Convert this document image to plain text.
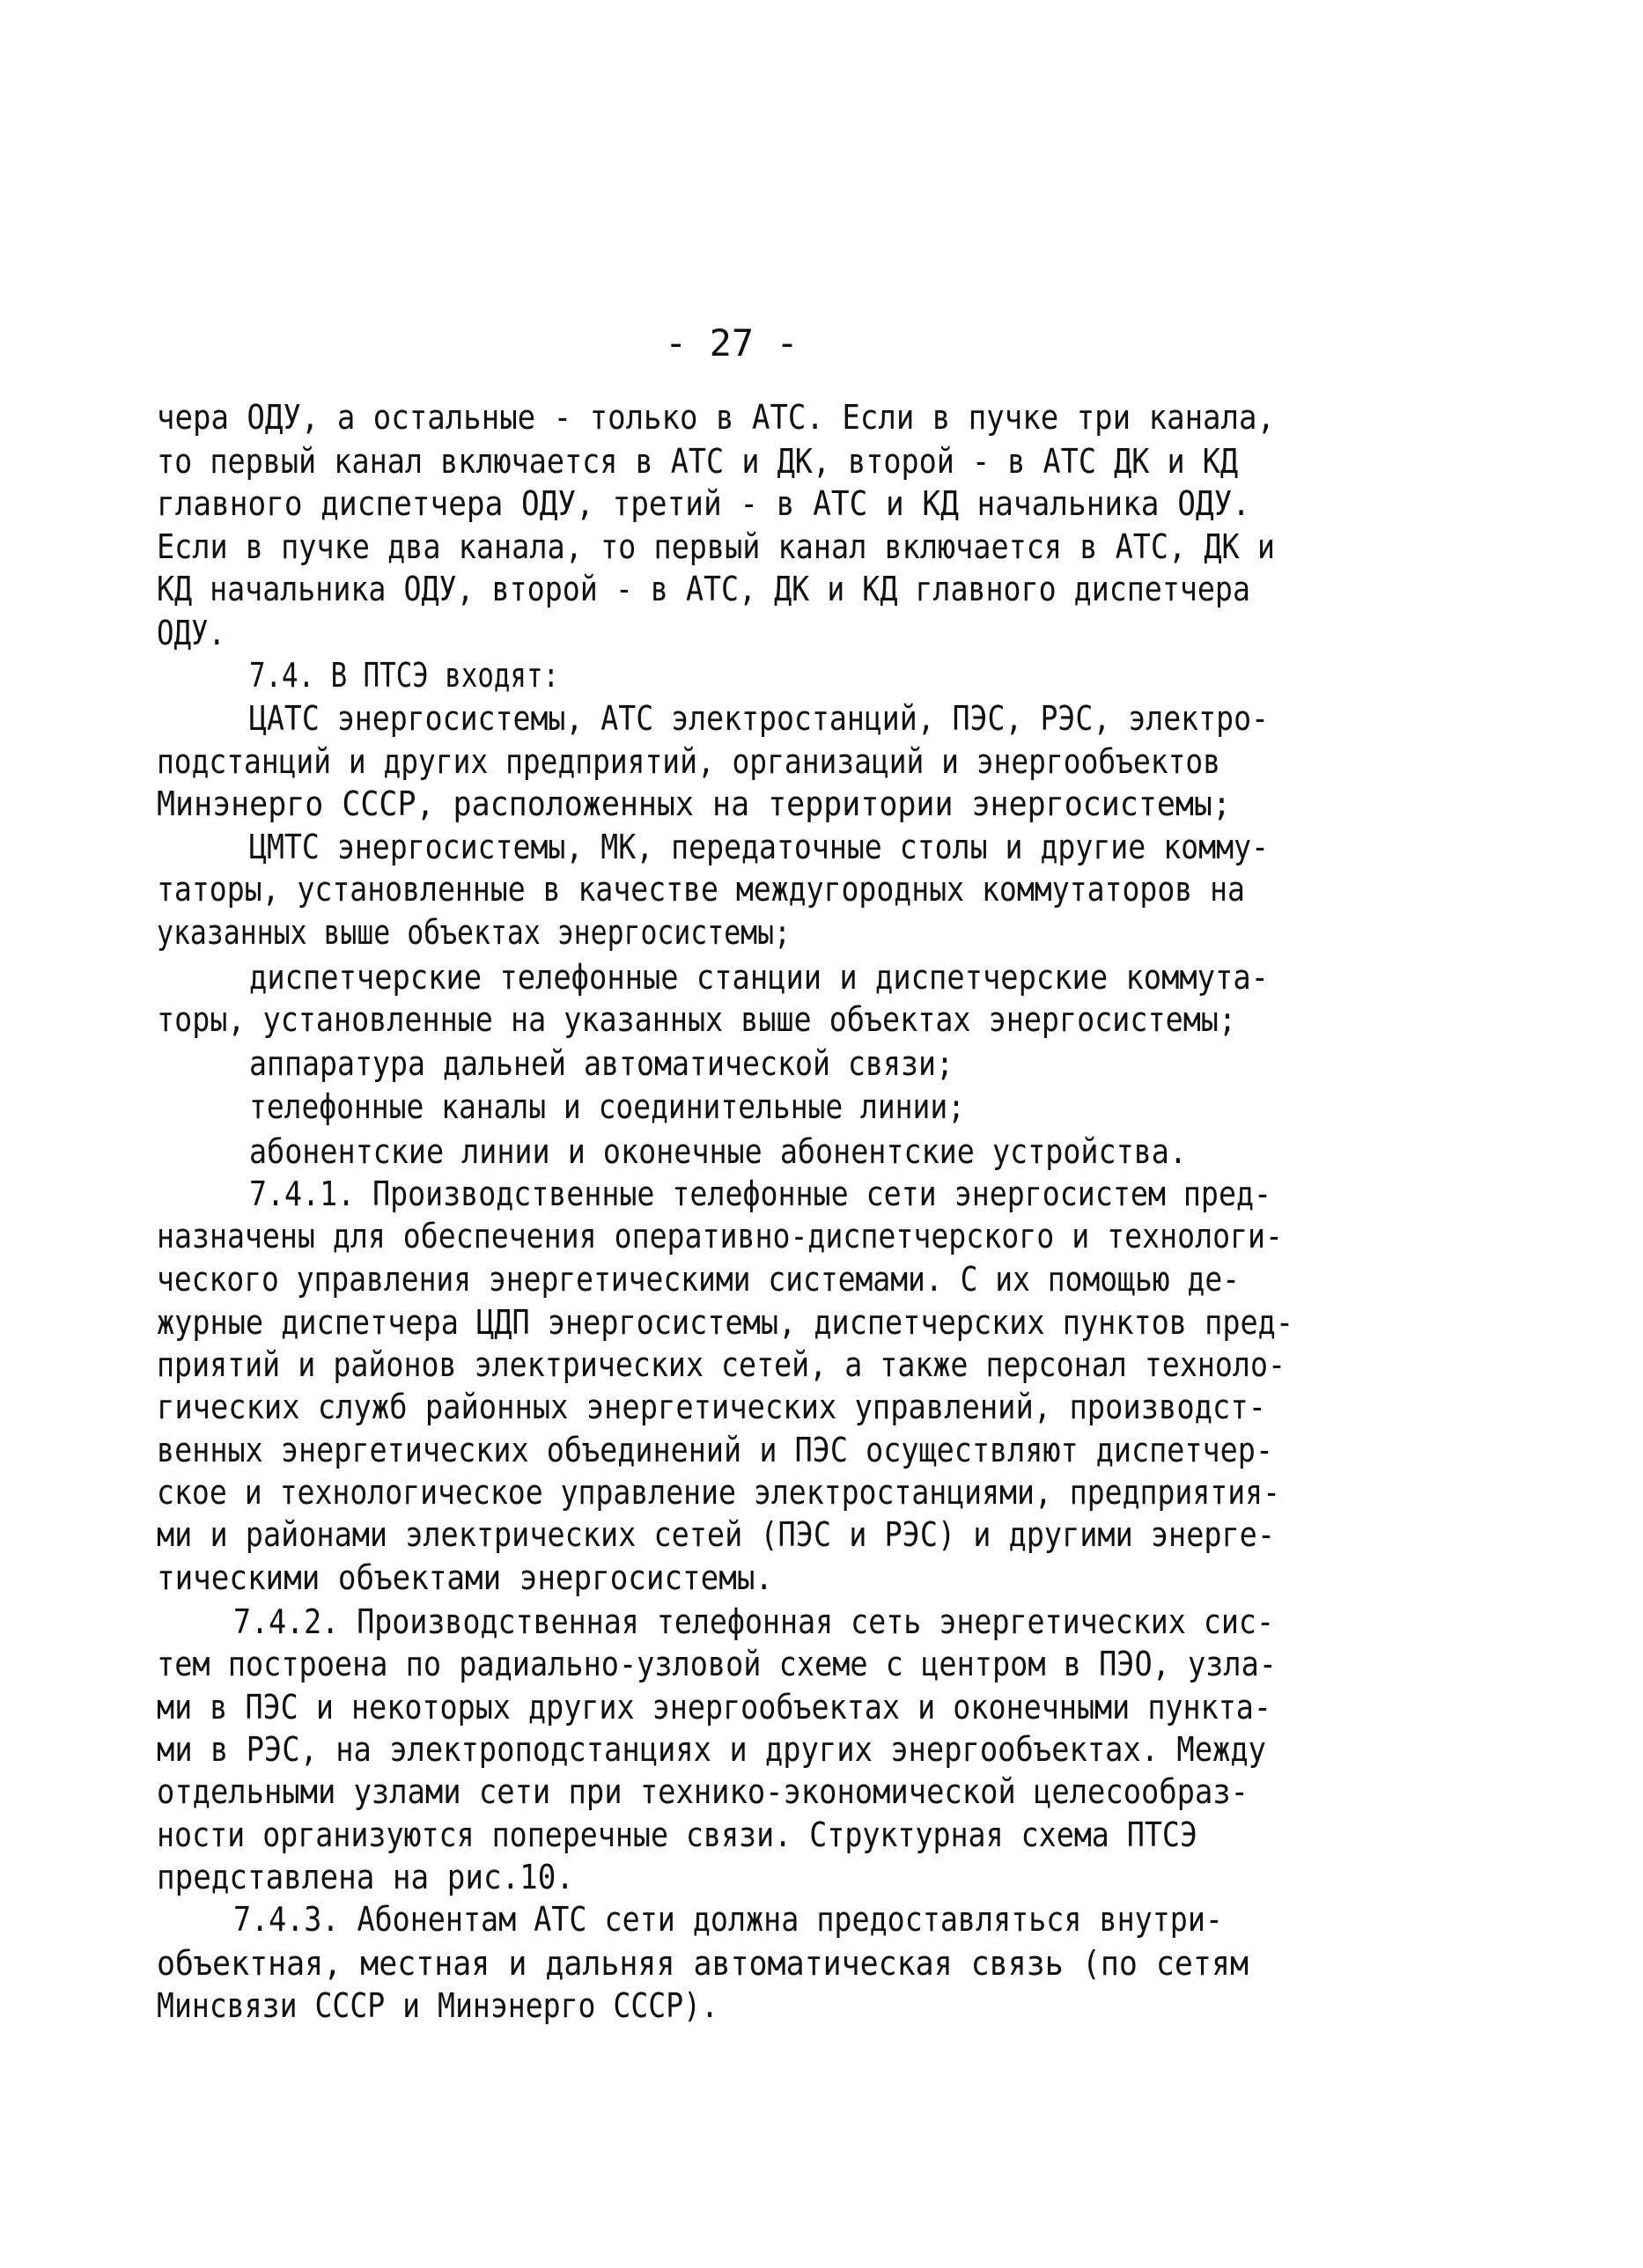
- 27 -
чера ОДУ, а остальные - только в АТС. Если в пучке три канала,
то первый канал включается в АТС и ДК, второй - в АТС ДК и КД
главного диспетчера ОДУ, третий - в АТС и КД начальника ОДУ.
Если в пучке два канала, то первый канал включается в АТС, ДК и
КД начальника ОДУ, второй - в АТС, ДК и КД главного диспетчера
ОДУ.
7.4. В ПТСЭ входят:
ЦАТС энергосистемы, АТС электростанций, ПЭС, РЭС, электро-
подстанций и других предприятий, организаций и энергообъектов
Минэнерго СССР, расположенных на территории энергосистемы;
ЦМТС энергосистемы, МК, передаточные столы и другие комму-
таторы, установленные в качестве междугородных коммутаторов на
указанных выше объектах энергосистемы;
диспетчерские телефонные станции и диспетчерские коммута-
торы, установленные на указанных выше объектах энергосистемы;
аппаратура дальней автоматической связи;
телефонные каналы и соединительные линии;
абонентские линии и оконечные абонентские устройства.
7.4.1. Производственные телефонные сети энергосистем пред-
назначены для обеспечения оперативно-диспетчерского и технологи-
ческого управления энергетическими системами. С их помощью де-
журные диспетчера ЦДП энергосистемы, диспетчерских пунктов пред-
приятий и районов электрических сетей, а также персонал техноло-
гических служб районных энергетических управлений, производст-
венных энергетических объединений и ПЭС осуществляют диспетчер-
ское и технологическое управление электростанциями, предприятия-
ми и районами электрических сетей (ПЭС и РЭС) и другими энерге-
тическими объектами энергосистемы.
7.4.2. Производственная телефонная сеть энергетических сис-
тем построена по радиально-узловой схеме с центром в ПЭО, узла-
ми в ПЭС и некоторых других энергообъектах и оконечными пункта-
ми в РЭС, на электроподстанциях и других энергообъектах. Между
отдельными узлами сети при технико-экономической целесообраз-
ности организуются поперечные связи. Структурная схема ПТСЭ
представлена на рис.10.
7.4.3. Абонентам АТС сети должна предоставляться внутри-
объектная, местная и дальняя автоматическая связь (по сетям
Минсвязи СССР и Минэнерго СССР).
